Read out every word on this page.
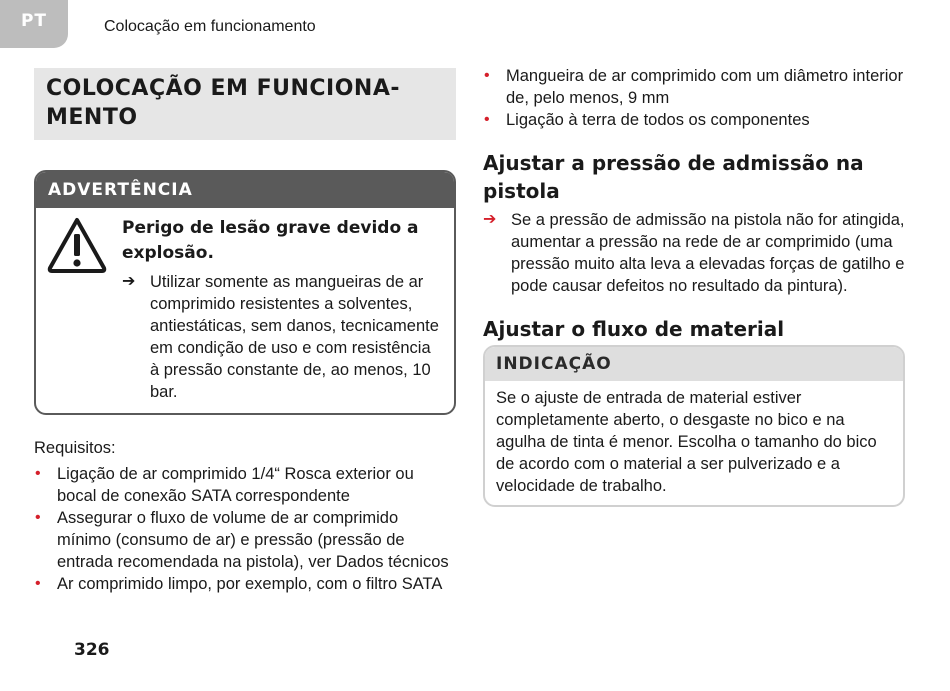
PT	Colocação em funcionamento
COLOCAÇÃO EM FUNCIONA-
MENTO
ADVERTÊNCIA
Perigo de lesão grave devido a explosão.
➔ Utilizar somente as mangueiras de ar comprimido resistentes a solventes, antiestáticas, sem danos, tecnicamente em condição de uso e com resistência à pressão constante de, ao menos, 10 bar.
Requisitos:
• Ligação de ar comprimido 1/4“ Rosca exterior ou bocal de conexão SATA correspondente
• Assegurar o fluxo de volume de ar comprimido mínimo (consumo de ar) e pressão (pressão de entrada recomendada na pistola), ver Dados técnicos
• Ar comprimido limpo, por exemplo, com o filtro SATA
• Mangueira de ar comprimido com um diâmetro interior de, pelo menos, 9 mm
• Ligação à terra de todos os componentes
Ajustar a pressão de admissão na pistola
➔ Se a pressão de admissão na pistola não for atingida, aumentar a pressão na rede de ar comprimido (uma pressão muito alta leva a elevadas forças de gatilho e pode causar defeitos no resultado da pintura).
Ajustar o fluxo de material
INDICAÇÃO
Se o ajuste de entrada de material estiver completamente aberto, o desgaste no bico e na agulha de tinta é menor. Escolha o tamanho do bico de acordo com o material a ser pulverizado e a velocidade de trabalho.
326
